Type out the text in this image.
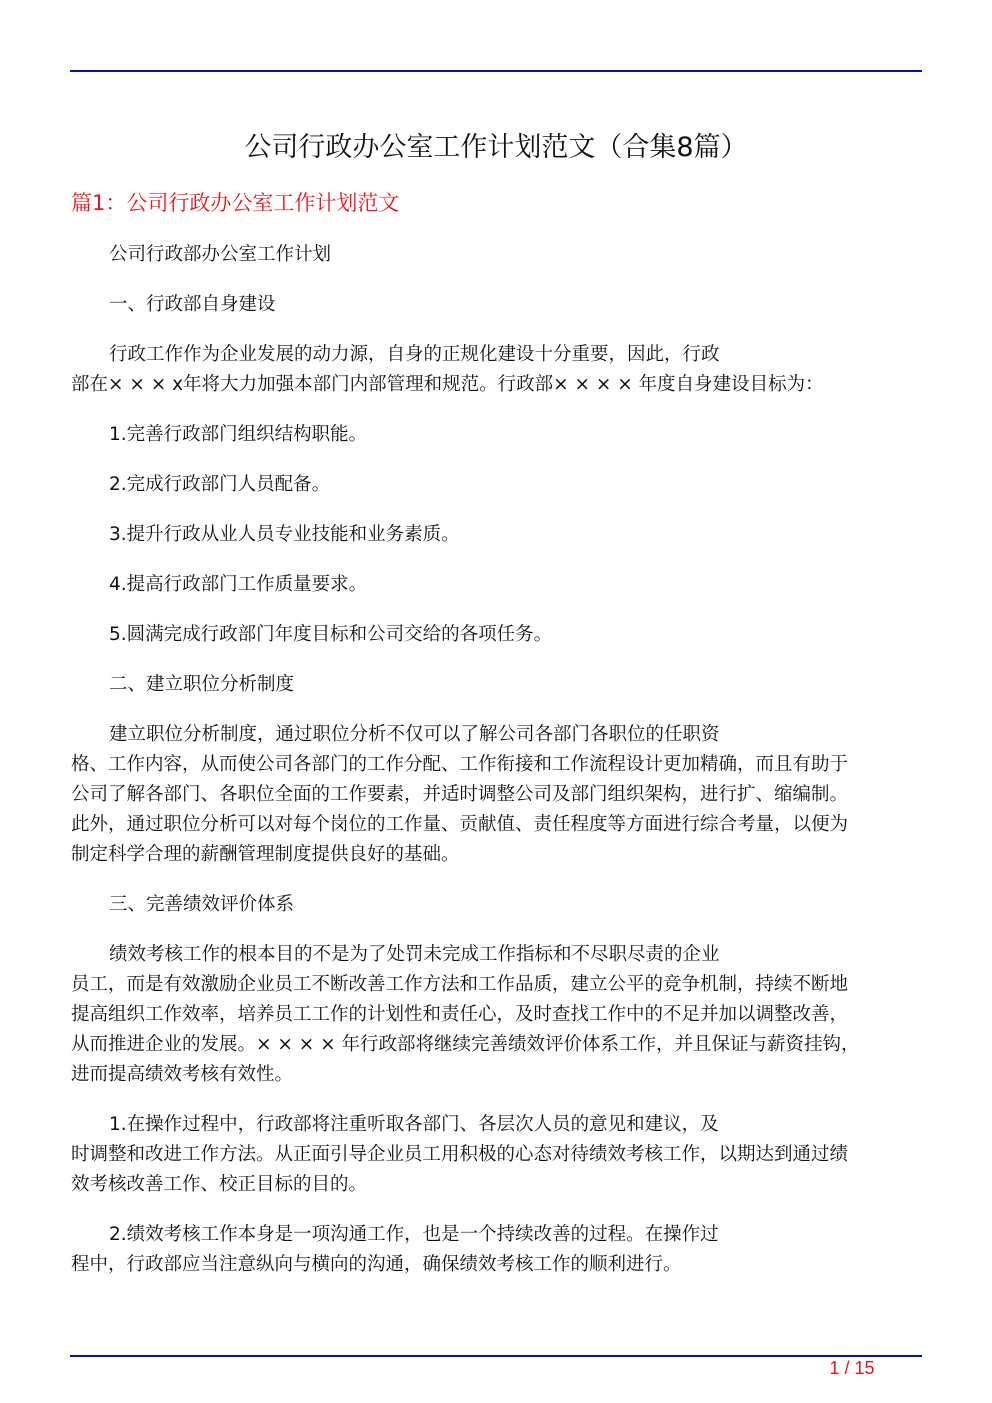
公司行政办公室工作计划范文（合集8篇）
篇1：公司行政办公室工作计划范文

公司行政部办公室工作计划

一、行政部自身建设

行政工作作为企业发展的动力源，自身的正规化建设十分重要，因此，行政
部在× × × x年将大力加强本部门内部管理和规范。行政部× × × × 年度自身建设目标为：

1.完善行政部门组织结构职能。

2.完成行政部门人员配备。

3.提升行政从业人员专业技能和业务素质。

4.提高行政部门工作质量要求。

5.圆满完成行政部门年度目标和公司交给的各项任务。

二、建立职位分析制度

建立职位分析制度，通过职位分析不仅可以了解公司各部门各职位的任职资
格、工作内容，从而使公司各部门的工作分配、工作衔接和工作流程设计更加精确，而且有助于
公司了解各部门、各职位全面的工作要素，并适时调整公司及部门组织架构，进行扩、缩编制。
此外，通过职位分析可以对每个岗位的工作量、贡献值、责任程度等方面进行综合考量，以便为
制定科学合理的薪酬管理制度提供良好的基础。

三、完善绩效评价体系

绩效考核工作的根本目的不是为了处罚未完成工作指标和不尽职尽责的企业
员工，而是有效激励企业员工不断改善工作方法和工作品质，建立公平的竞争机制，持续不断地
提高组织工作效率，培养员工工作的计划性和责任心，及时查找工作中的不足并加以调整改善，
从而推进企业的发展。× × × × 年行政部将继续完善绩效评价体系工作，并且保证与薪资挂钩，
进而提高绩效考核有效性。

1.在操作过程中，行政部将注重听取各部门、各层次人员的意见和建议，及
时调整和改进工作方法。从正面引导企业员工用积极的心态对待绩效考核工作，以期达到通过绩
效考核改善工作、校正目标的目的。

2.绩效考核工作本身是一项沟通工作，也是一个持续改善的过程。在操作过
程中，行政部应当注意纵向与横向的沟通，确保绩效考核工作的顺利进行。

1 / 15
